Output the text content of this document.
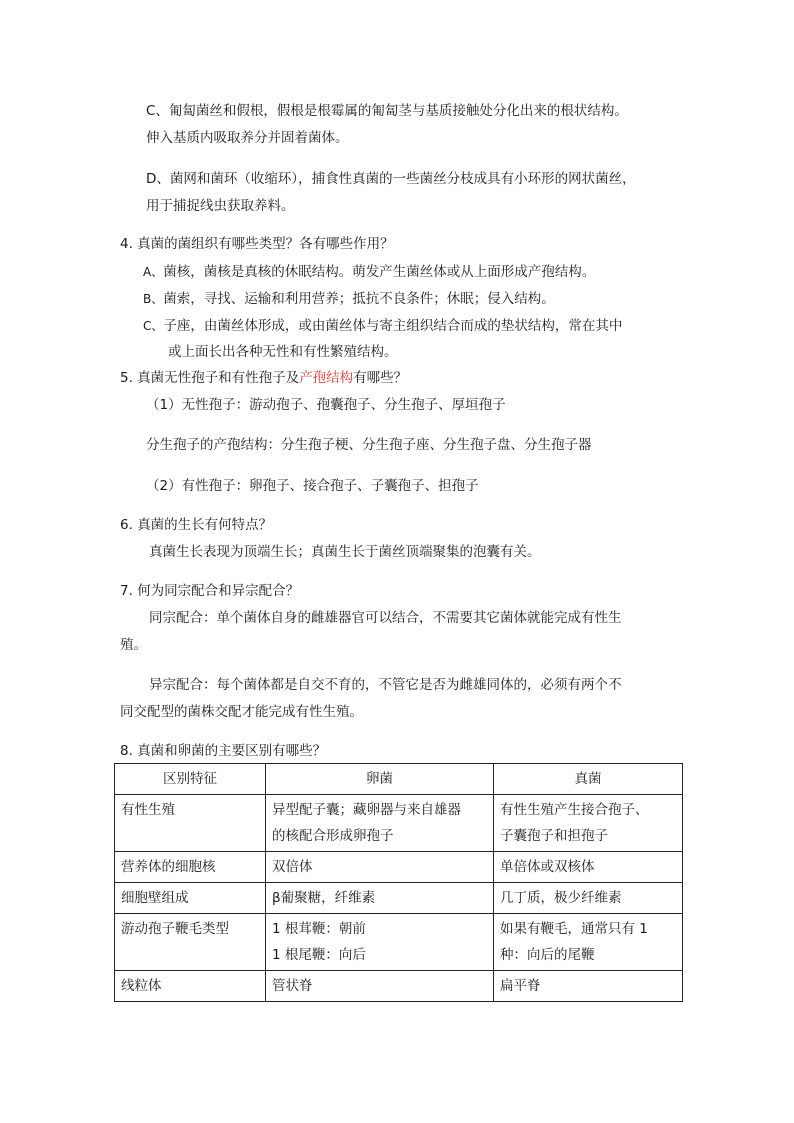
C、匍匐菌丝和假根，假根是根霉属的匍匐茎与基质接触处分化出来的根状结构。
伸入基质内吸取养分并固着菌体。
D、菌网和菌环（收缩环），捕食性真菌的一些菌丝分枝成具有小环形的网状菌丝，
用于捕捉线虫获取养料。
4. 真菌的菌组织有哪些类型？各有哪些作用？
A、菌核，菌核是真核的休眠结构。萌发产生菌丝体或从上面形成产孢结构。
B、菌索，寻找、运输和利用营养；抵抗不良条件；休眠；侵入结构。
C、子座，由菌丝体形成，或由菌丝体与寄主组织结合而成的垫状结构，常在其中
或上面长出各种无性和有性繁殖结构。
5. 真菌无性孢子和有性孢子及产孢结构有哪些？
（1）无性孢子：游动孢子、孢囊孢子、分生孢子、厚垣孢子
分生孢子的产孢结构：分生孢子梗、分生孢子座、分生孢子盘、分生孢子器
（2）有性孢子：卵孢子、接合孢子、子囊孢子、担孢子
6. 真菌的生长有何特点？
真菌生长表现为顶端生长；真菌生长于菌丝顶端聚集的泡囊有关。
7. 何为同宗配合和异宗配合？
同宗配合：单个菌体自身的雌雄器官可以结合，不需要其它菌体就能完成有性生
殖。
异宗配合：每个菌体都是自交不育的，不管它是否为雌雄同体的，必须有两个不
同交配型的菌株交配才能完成有性生殖。
8. 真菌和卵菌的主要区别有哪些？
区别特征	卵菌	真菌
有性生殖	异型配子囊；藏卵器与来自雄器
的核配合形成卵孢子	有性生殖产生接合孢子、
子囊孢子和担孢子

营养体的细胞核	双倍体	单倍体或双核体

细胞壁组成	β葡聚糖，纤维素	几丁质，极少纤维素

游动孢子鞭毛类型	1 根茸鞭：朝前
1 根尾鞭：向后	如果有鞭毛，通常只有 1
种：向后的尾鞭

线粒体	管状脊	扁平脊
